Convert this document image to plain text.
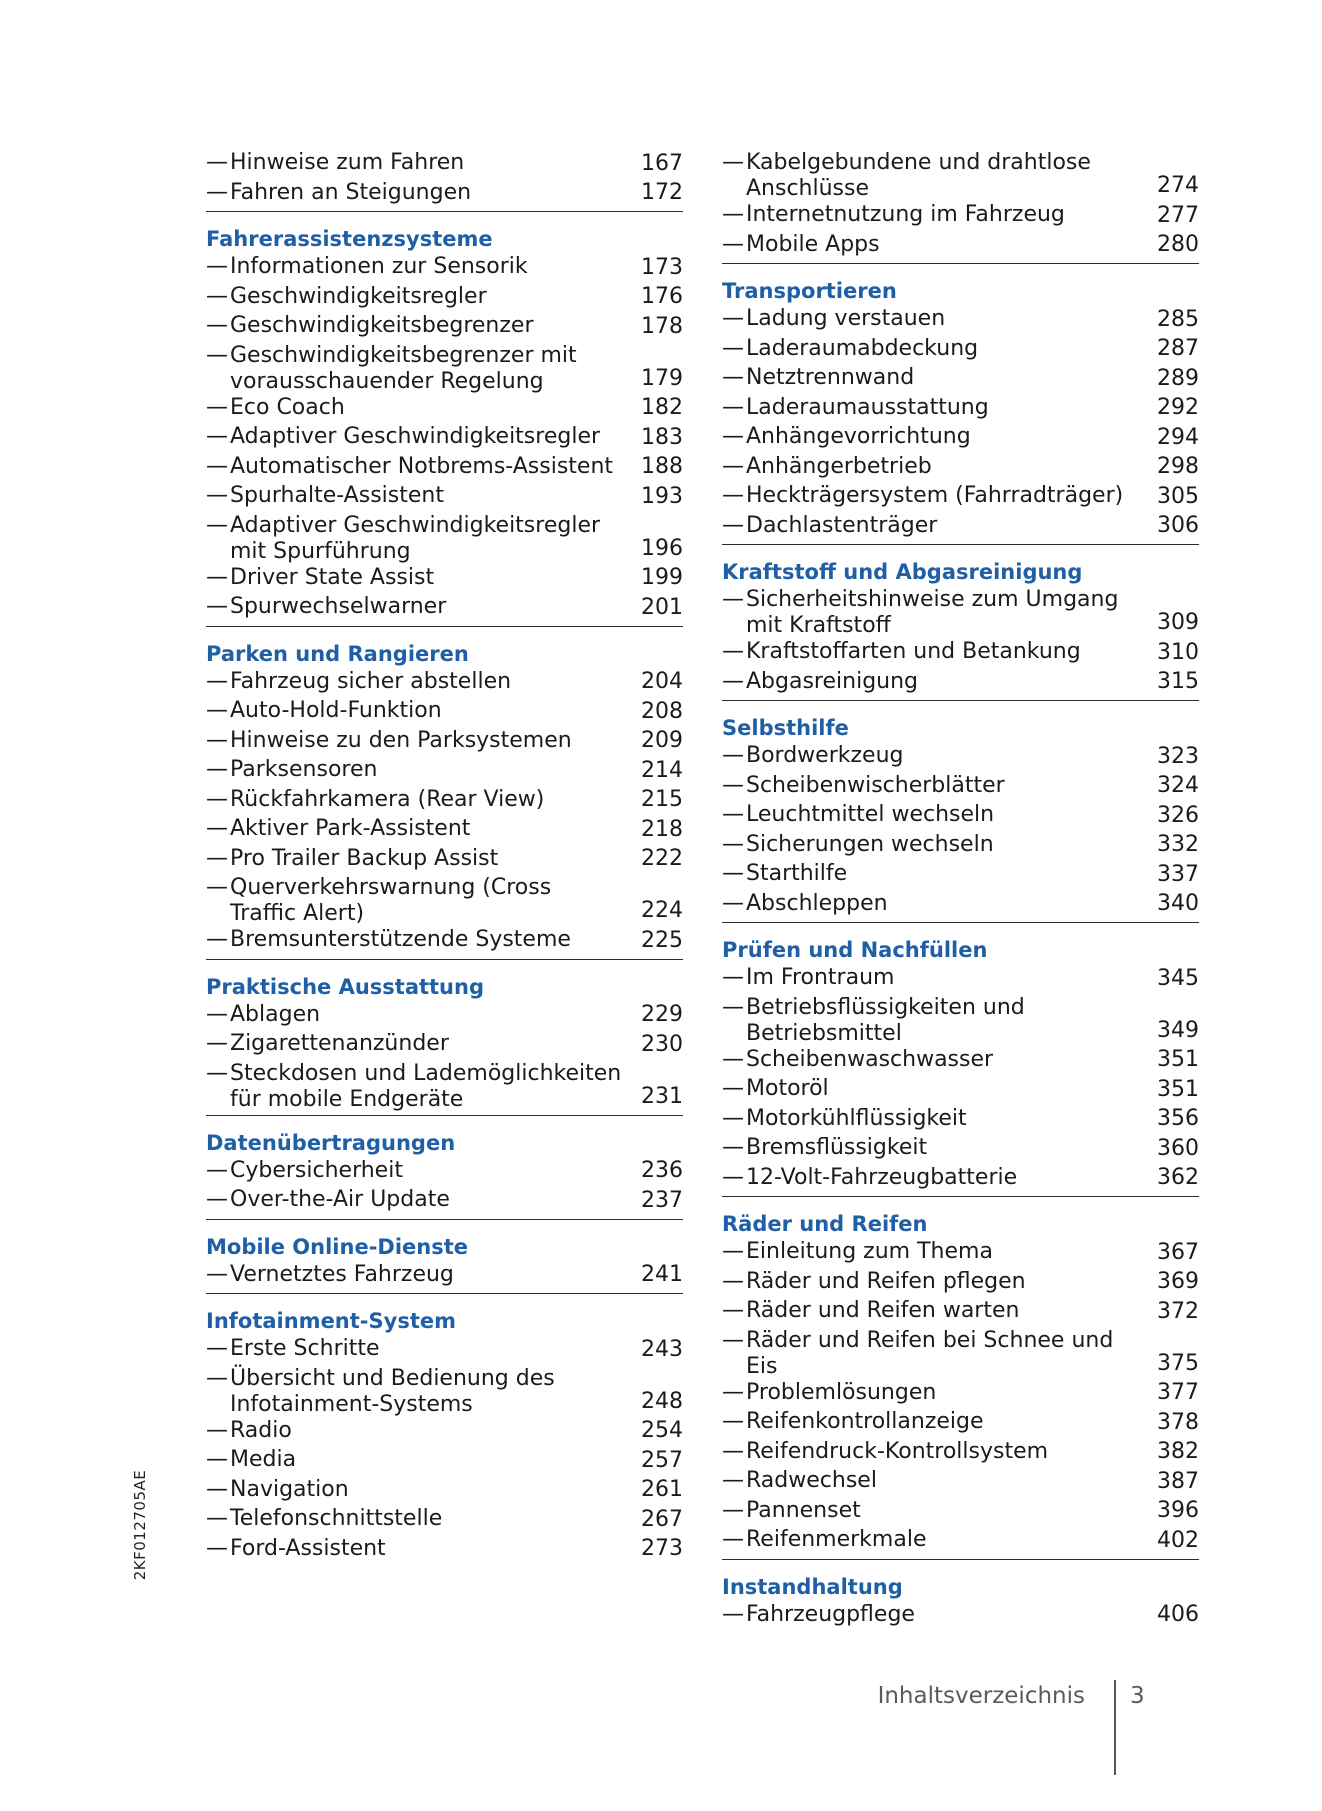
— Hinweise zum Fahren	167
— Fahren an Steigungen	172
Fahrerassistenzsysteme
— Informationen zur Sensorik	173
— Geschwindigkeitsregler	176
— Geschwindigkeitsbegrenzer	178
— Geschwindigkeitsbegrenzer mit vorausschauender Regelung	179
— Eco Coach	182
— Adaptiver Geschwindigkeitsregler	183
— Automatischer Notbrems-Assistent	188
— Spurhalte-Assistent	193
— Adaptiver Geschwindigkeitsregler mit Spurführung	196
— Driver State Assist	199
— Spurwechselwarner	201
Parken und Rangieren
— Fahrzeug sicher abstellen	204
— Auto-Hold-Funktion	208
— Hinweise zu den Parksystemen	209
— Parksensoren	214
— Rückfahrkamera (Rear View)	215
— Aktiver Park-Assistent	218
— Pro Trailer Backup Assist	222
— Querverkehrswarnung (Cross Traffic Alert)	224
— Bremsunterstützende Systeme	225
Praktische Ausstattung
— Ablagen	229
— Zigarettenanzünder	230
— Steckdosen und Lademöglichkeiten für mobile Endgeräte	231
Datenübertragungen
— Cybersicherheit	236
— Over-the-Air Update	237
Mobile Online-Dienste
— Vernetztes Fahrzeug	241
Infotainment-System
— Erste Schritte	243
— Übersicht und Bedienung des Infotainment-Systems	248
— Radio	254
— Media	257
— Navigation	261
— Telefonschnittstelle	267
— Ford-Assistent	273
— Kabelgebundene und drahtlose Anschlüsse	274
— Internetnutzung im Fahrzeug	277
— Mobile Apps	280
Transportieren
— Ladung verstauen	285
— Laderaumabdeckung	287
— Netztrennwand	289
— Laderaumausstattung	292
— Anhängevorrichtung	294
— Anhängerbetrieb	298
— Heckträgersystem (Fahrradträger)	305
— Dachlastenträger	306
Kraftstoff und Abgasreinigung
— Sicherheitshinweise zum Umgang mit Kraftstoff	309
— Kraftstoffarten und Betankung	310
— Abgasreinigung	315
Selbsthilfe
— Bordwerkzeug	323
— Scheibenwischerblätter	324
— Leuchtmittel wechseln	326
— Sicherungen wechseln	332
— Starthilfe	337
— Abschleppen	340
Prüfen und Nachfüllen
— Im Frontraum	345
— Betriebsflüssigkeiten und Betriebsmittel	349
— Scheibenwaschwasser	351
— Motoröl	351
— Motorkühlflüssigkeit	356
— Bremsflüssigkeit	360
— 12-Volt-Fahrzeugbatterie	362
Räder und Reifen
— Einleitung zum Thema	367
— Räder und Reifen pflegen	369
— Räder und Reifen warten	372
— Räder und Reifen bei Schnee und Eis	375
— Problemlösungen	377
— Reifenkontrollanzeige	378
— Reifendruck-Kontrollsystem	382
— Radwechsel	387
— Pannenset	396
— Reifenmerkmale	402
Instandhaltung
— Fahrzeugpflege	406
2KF012705AE
Inhaltsverzeichnis 3
